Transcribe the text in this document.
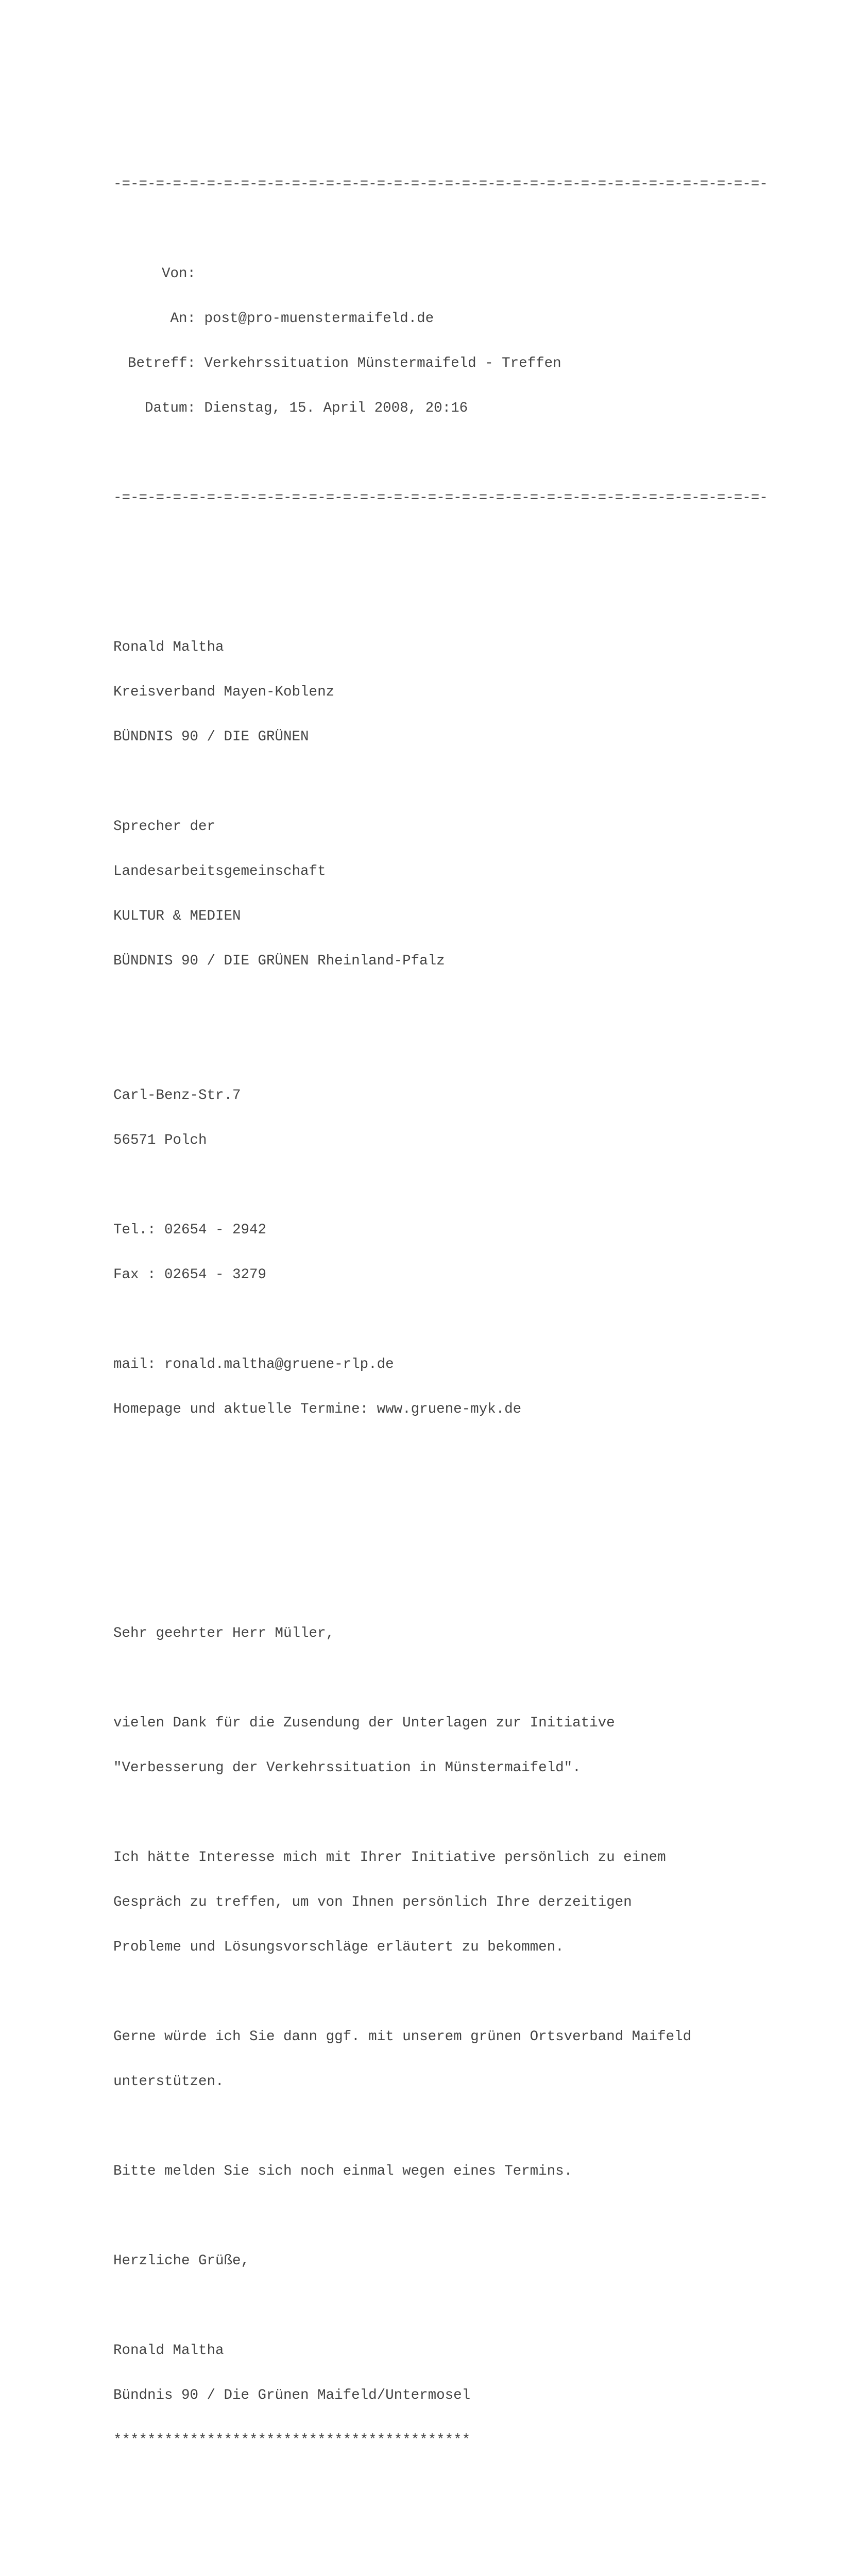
-=-=-=-=-=-=-=-=-=-=-=-=-=-=-=-=-=-=-=-=-=-=-=-=-=-=-=-=-=-=-=-=-=-=-=-=-=-=-

Von:

An: post@pro-muenstermaifeld.de

Betreff: Verkehrssituation Münstermaifeld - Treffen

Datum: Dienstag, 15. April 2008, 20:16

-=-=-=-=-=-=-=-=-=-=-=-=-=-=-=-=-=-=-=-=-=-=-=-=-=-=-=-=-=-=-=-=-=-=-=-=-=-=-

Ronald Maltha

Kreisverband Mayen-Koblenz

BÜNDNIS 90 / DIE GRÜNEN

Sprecher der

Landesarbeitsgemeinschaft

KULTUR & MEDIEN

BÜNDNIS 90 / DIE GRÜNEN Rheinland-Pfalz

Carl-Benz-Str.7

56571 Polch

Tel.: 02654 - 2942

Fax : 02654 - 3279

mail: ronald.maltha@gruene-rlp.de

Homepage und aktuelle Termine: www.gruene-myk.de

Sehr geehrter Herr Müller,

vielen Dank für die Zusendung der Unterlagen zur Initiative

"Verbesserung der Verkehrssituation in Münstermaifeld".

Ich hätte Interesse mich mit Ihrer Initiative persönlich zu einem

Gespräch zu treffen, um von Ihnen persönlich Ihre derzeitigen

Probleme und Lösungsvorschläge erläutert zu bekommen.

Gerne würde ich Sie dann ggf. mit unserem grünen Ortsverband Maifeld

unterstützen.

Bitte melden Sie sich noch einmal wegen eines Termins.

Herzliche Grüße,

Ronald Maltha

Bündnis 90 / Die Grünen Maifeld/Untermosel

******************************************
